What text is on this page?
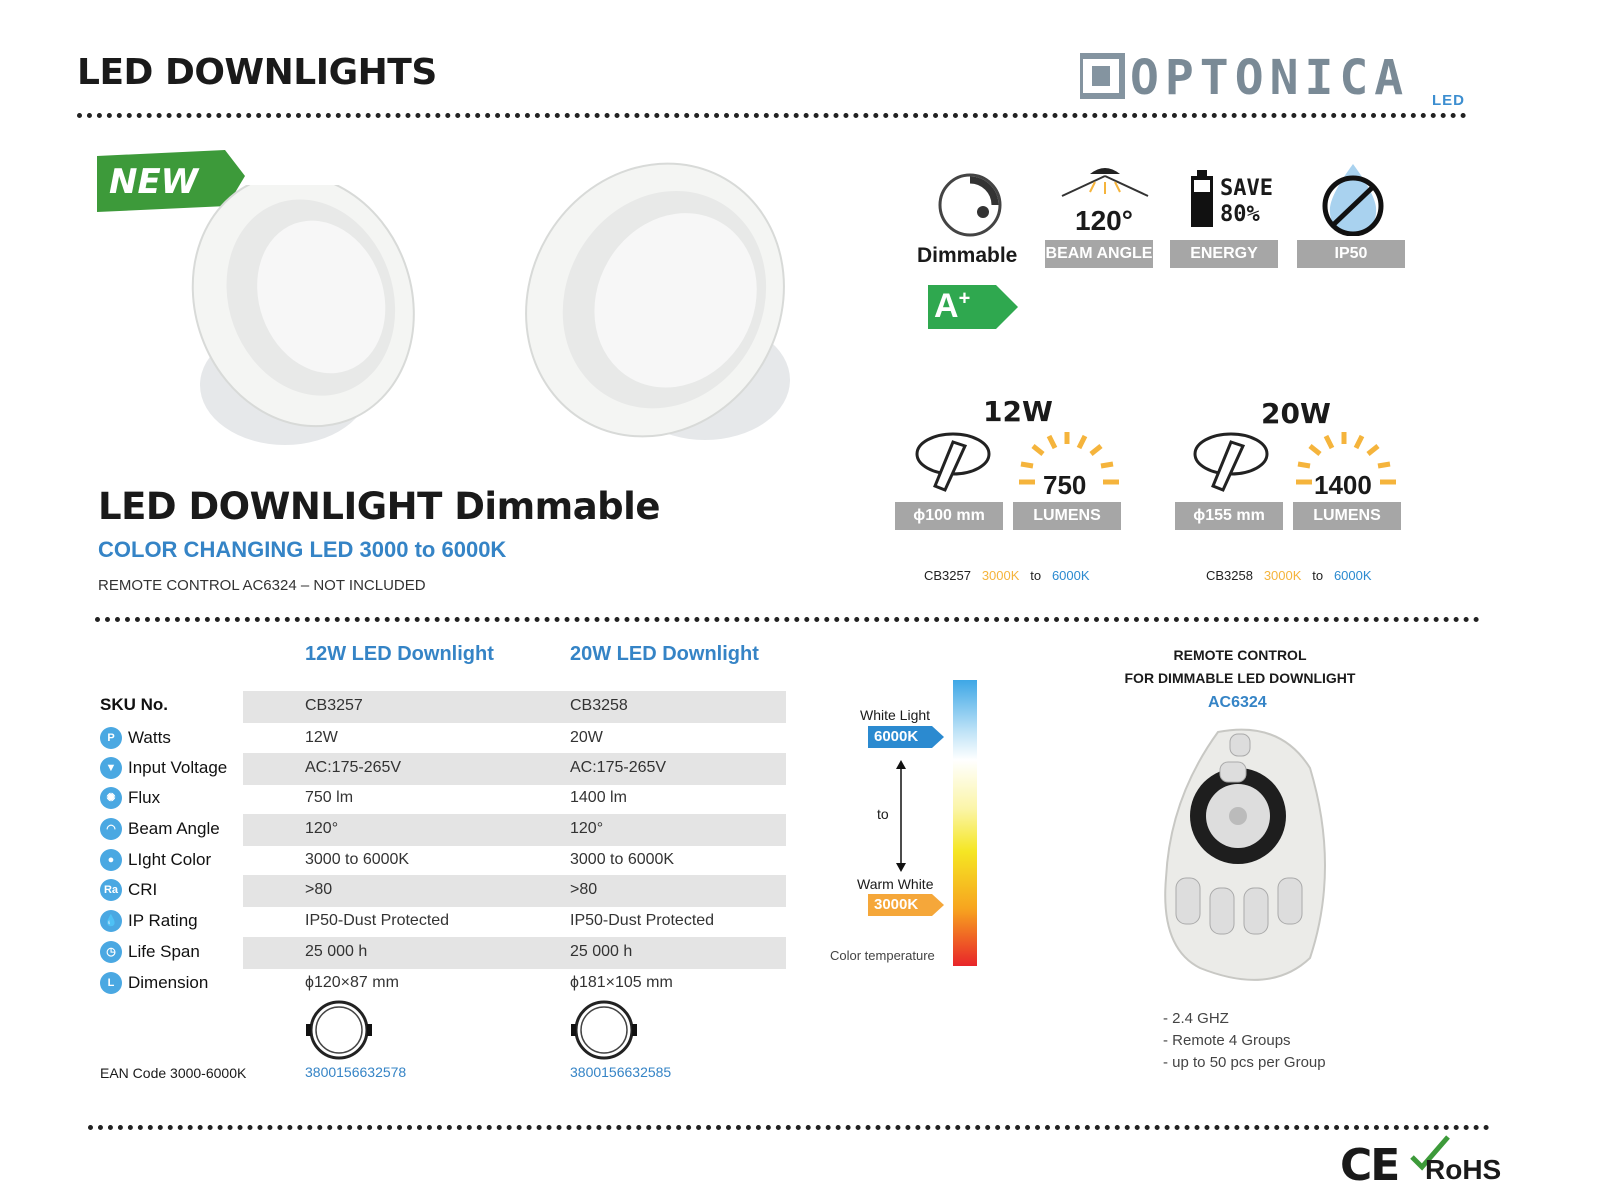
LED DOWNLIGHTS	OPTONICA LED
NEW
LED DOWNLIGHT Dimmable
COLOR CHANGING LED 3000 to 6000K
REMOTE CONTROL AC6324 – NOT INCLUDED
Dimmable
120°
BEAM ANGLE
SAVE
80%
ENERGY	IP50
A+
12W	20W
750
ϕ100 mm	LUMENS
CB3257 3000K to 6000K
1400
ϕ155 mm	LUMENS
CB3258 3000K to 6000K
12W LED Downlight	20W LED Downlight
SKU No.	CB3257	CB3258
P Watts	12W	20W
▼ Input Voltage	AC:175-265V	AC:175-265V
✺ Flux	750 lm	1400 lm
◠ Beam Angle	120°	120°
● LIght Color	3000 to 6000K	3000 to 6000K
Ra CRI	>80	>80
💧 IP Rating	IP50-Dust Protected	IP50-Dust Protected
◷ Life Span	25 000 h	25 000 h
L Dimension	ϕ120×87 mm	ϕ181×105 mm
EAN Code 3000-6000K	3800156632578	3800156632585
White Light
6000K
to
Warm White
3000K
Color temperature
REMOTE CONTROL
FOR DIMMABLE LED DOWNLIGHT
AC6324
- 2.4 GHZ
- Remote 4 Groups
- up to 50 pcs per Group
CE RoHS
